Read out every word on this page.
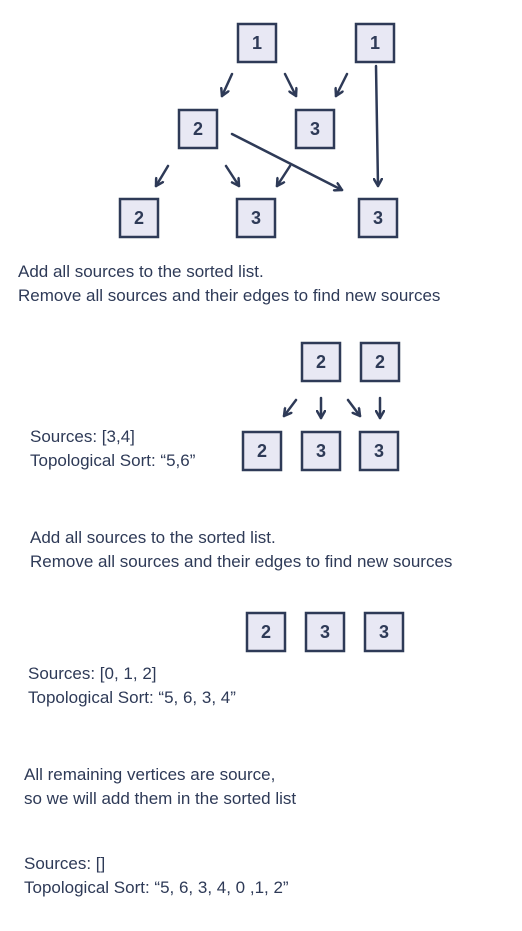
1	1
2	3
2	3	3
2	2
2	3	3
2	3	3

Add all sources to the sorted list.

Remove all sources and their edges to find new sources

Sources: [3,4]

Topological Sort: “5,6”

Add all sources to the sorted list.

Remove all sources and their edges to find new sources

Sources: [0, 1, 2]

Topological Sort: “5, 6, 3, 4”

All remaining vertices are source,

so we will add them in the sorted list

Sources: []

Topological Sort: “5, 6, 3, 4, 0 ,1, 2”
